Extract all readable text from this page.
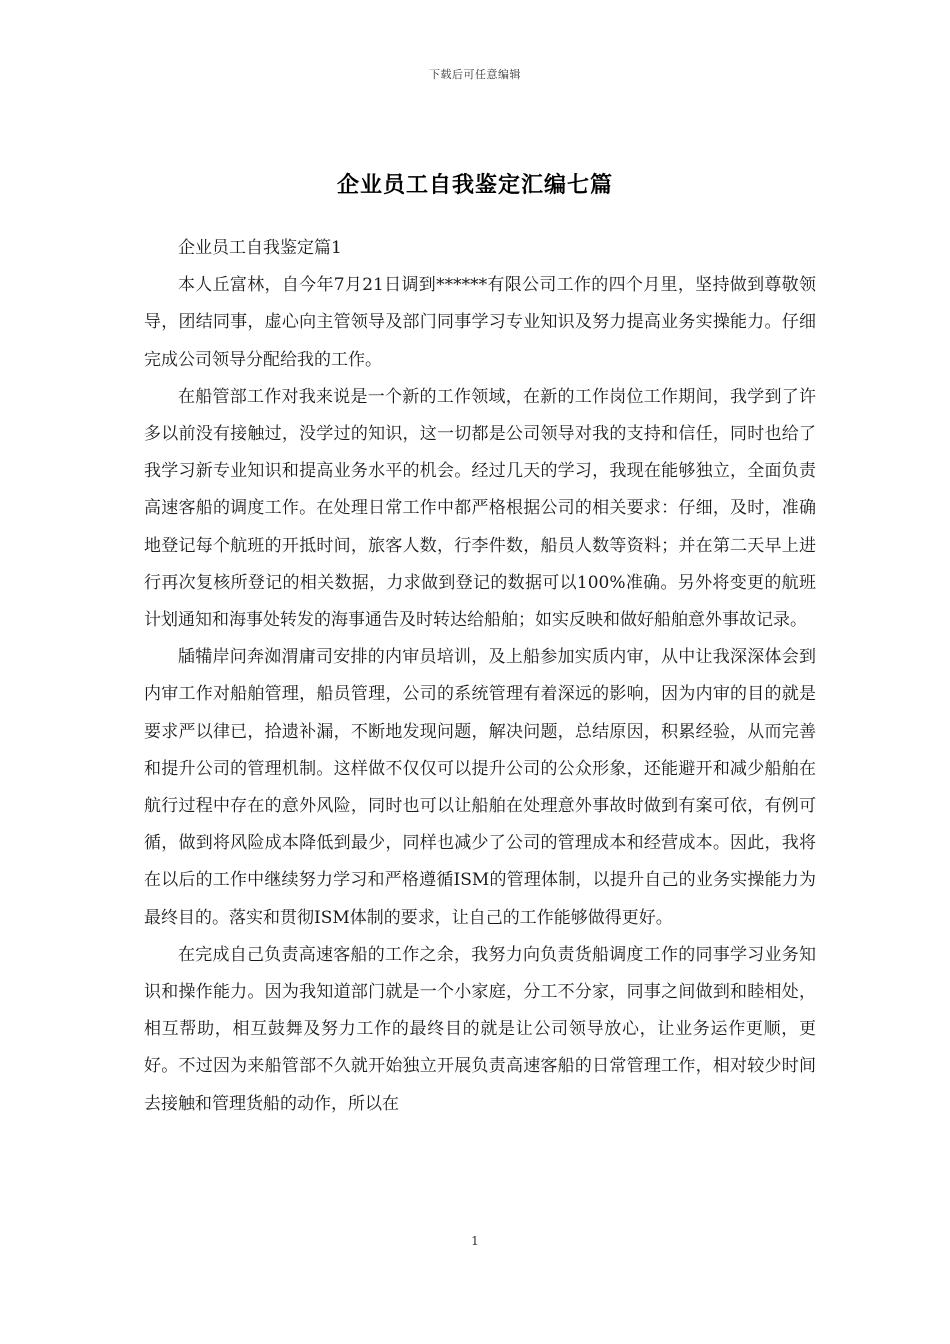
下载后可任意编辑
企业员工自我鉴定汇编七篇

企业员工自我鉴定篇1

本人丘富林，自今年7月21日调到******有限公司工作的四个月里，坚持做到尊敬领导，团结同事，虚心向主管领导及部门同事学习专业知识及努力提高业务实操能力。仔细完成公司领导分配给我的工作。

在船管部工作对我来说是一个新的工作领域，在新的工作岗位工作期间，我学到了许多以前没有接触过，没学过的知识，这一切都是公司领导对我的支持和信任，同时也给了我学习新专业知识和提高业务水平的机会。经过几天的学习，我现在能够独立，全面负责高速客船的调度工作。在处理日常工作中都严格根据公司的相关要求：仔细，及时，准确地登记每个航班的开抵时间，旅客人数，行李件数，船员人数等资料；并在第二天早上进行再次复核所登记的相关数据，力求做到登记的数据可以100%准确。另外将变更的航班计划通知和海事处转发的海事通告及时转达给船舶；如实反映和做好船舶意外事故记录。

牐犕岸问奔洳渭庸司安排的内审员培训，及上船参加实质内审，从中让我深深体会到内审工作对船舶管理，船员管理，公司的系统管理有着深远的影响，因为内审的目的就是要求严以律已，拾遗补漏，不断地发现问题，解决问题，总结原因，积累经验，从而完善和提升公司的管理机制。这样做不仅仅可以提升公司的公众形象，还能避开和减少船舶在航行过程中存在的意外风险，同时也可以让船舶在处理意外事故时做到有案可依，有例可循，做到将风险成本降低到最少，同样也减少了公司的管理成本和经营成本。因此，我将在以后的工作中继续努力学习和严格遵循ISM的管理体制，以提升自己的业务实操能力为最终目的。落实和贯彻ISM体制的要求，让自己的工作能够做得更好。

在完成自己负责高速客船的工作之余，我努力向负责货船调度工作的同事学习业务知识和操作能力。因为我知道部门就是一个小家庭，分工不分家，同事之间做到和睦相处，相互帮助，相互鼓舞及努力工作的最终目的就是让公司领导放心，让业务运作更顺，更好。不过因为来船管部不久就开始独立开展负责高速客船的日常管理工作，相对较少时间去接触和管理货船的动作，所以在

1
